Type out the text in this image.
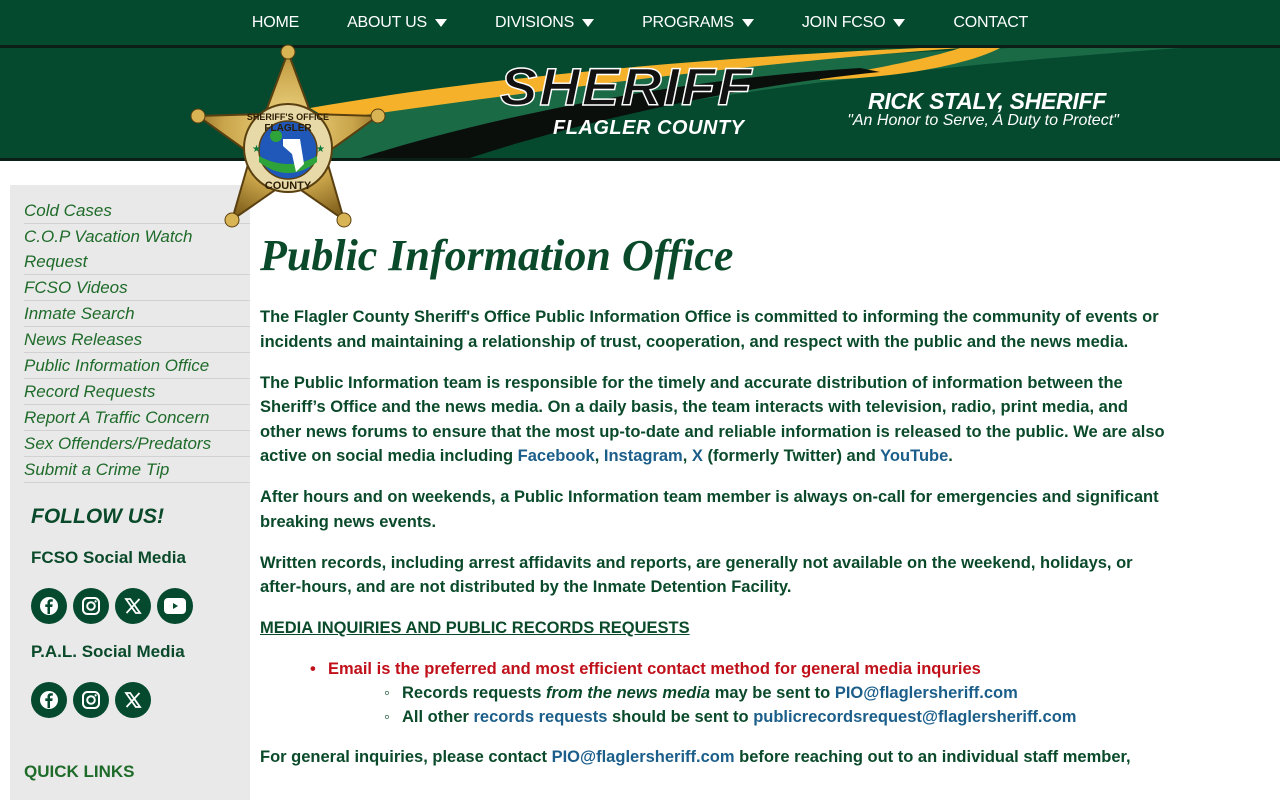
HOME	ABOUT US	DIVISIONS	PROGRAMS	JOIN FCSO	CONTACT
SHERIFF
FLAGLER COUNTY
RICK STALY, SHERIFF
"An Honor to Serve, A Duty to Protect"
SHERIFF'S OFFICE
FLAGLER
COUNTY
★	★
Cold Cases
C.O.P Vacation Watch
Request
FCSO Videos
Inmate Search
News Releases
Public Information Office
Record Requests
Report A Traffic Concern
Sex Offenders/Predators
Submit a Crime Tip
FOLLOW US!
FCSO Social Media
P.A.L. Social Media
QUICK LINKS
Public Information Office

The Flagler County Sheriff's Office Public Information Office is committed to informing the community of events or incidents and maintaining a relationship of trust, cooperation, and respect with the public and the news media.

The Public Information team is responsible for the timely and accurate distribution of information between the Sheriff’s Office and the news media. On a daily basis, the team interacts with television, radio, print media, and other news forums to ensure that the most up-to-date and reliable information is released to the public. We are also active on social media including Facebook, Instagram, X (formerly Twitter) and YouTube.

After hours and on weekends, a Public Information team member is always on-call for emergencies and significant breaking news events.

Written records, including arrest affidavits and reports, are generally not available on the weekend, holidays, or after-hours, and are not distributed by the Inmate Detention Facility.

MEDIA INQUIRIES AND PUBLIC RECORDS REQUESTS

• Email is the preferred and most efficient contact method for general media inquries
◦ Records requests from the news media may be sent to PIO@flaglersheriff.com
◦ All other records requests should be sent to publicrecordsrequest@flaglersheriff.com

For general inquiries, please contact PIO@flaglersheriff.com before reaching out to an individual staff member,
